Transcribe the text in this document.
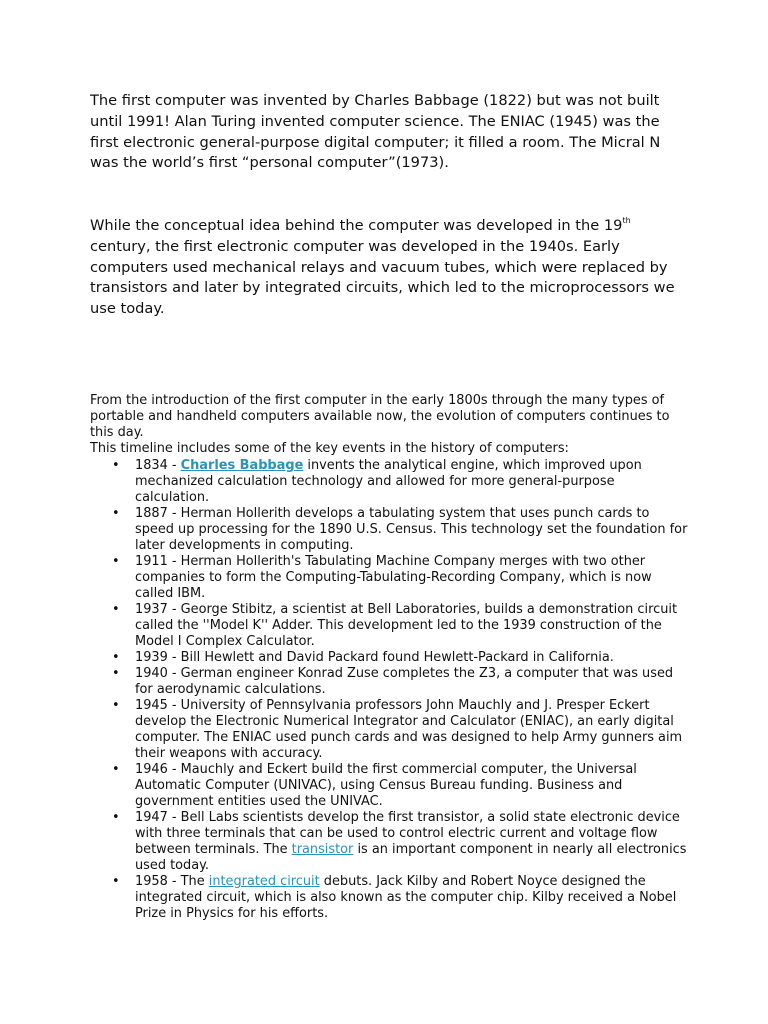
The first computer was invented by Charles Babbage (1822) but was not built until 1991! Alan Turing invented computer science. The ENIAC (1945) was the first electronic general-purpose digital computer; it filled a room. The Micral N was the world’s first “personal computer”(1973).

While the conceptual idea behind the computer was developed in the 19th century, the first electronic computer was developed in the 1940s. Early computers used mechanical relays and vacuum tubes, which were replaced by transistors and later by integrated circuits, which led to the microprocessors we use today.

From the introduction of the first computer in the early 1800s through the many types of portable and handheld computers available now, the evolution of computers continues to this day.

This timeline includes some of the key events in the history of computers:

• 1834 - Charles Babbage invents the analytical engine, which improved upon mechanized calculation technology and allowed for more general-purpose calculation.
• 1887 - Herman Hollerith develops a tabulating system that uses punch cards to speed up processing for the 1890 U.S. Census. This technology set the foundation for later developments in computing.
• 1911 - Herman Hollerith's Tabulating Machine Company merges with two other companies to form the Computing-Tabulating-Recording Company, which is now called IBM.
• 1937 - George Stibitz, a scientist at Bell Laboratories, builds a demonstration circuit called the ''Model K'' Adder. This development led to the 1939 construction of the Model I Complex Calculator.
• 1939 - Bill Hewlett and David Packard found Hewlett-Packard in California.
• 1940 - German engineer Konrad Zuse completes the Z3, a computer that was used for aerodynamic calculations.
• 1945 - University of Pennsylvania professors John Mauchly and J. Presper Eckert develop the Electronic Numerical Integrator and Calculator (ENIAC), an early digital computer. The ENIAC used punch cards and was designed to help Army gunners aim their weapons with accuracy.
• 1946 - Mauchly and Eckert build the first commercial computer, the Universal Automatic Computer (UNIVAC), using Census Bureau funding. Business and government entities used the UNIVAC.
• 1947 - Bell Labs scientists develop the first transistor, a solid state electronic device with three terminals that can be used to control electric current and voltage flow between terminals. The transistor is an important component in nearly all electronics used today.
• 1958 - The integrated circuit debuts. Jack Kilby and Robert Noyce designed the integrated circuit, which is also known as the computer chip. Kilby received a Nobel Prize in Physics for his efforts.
